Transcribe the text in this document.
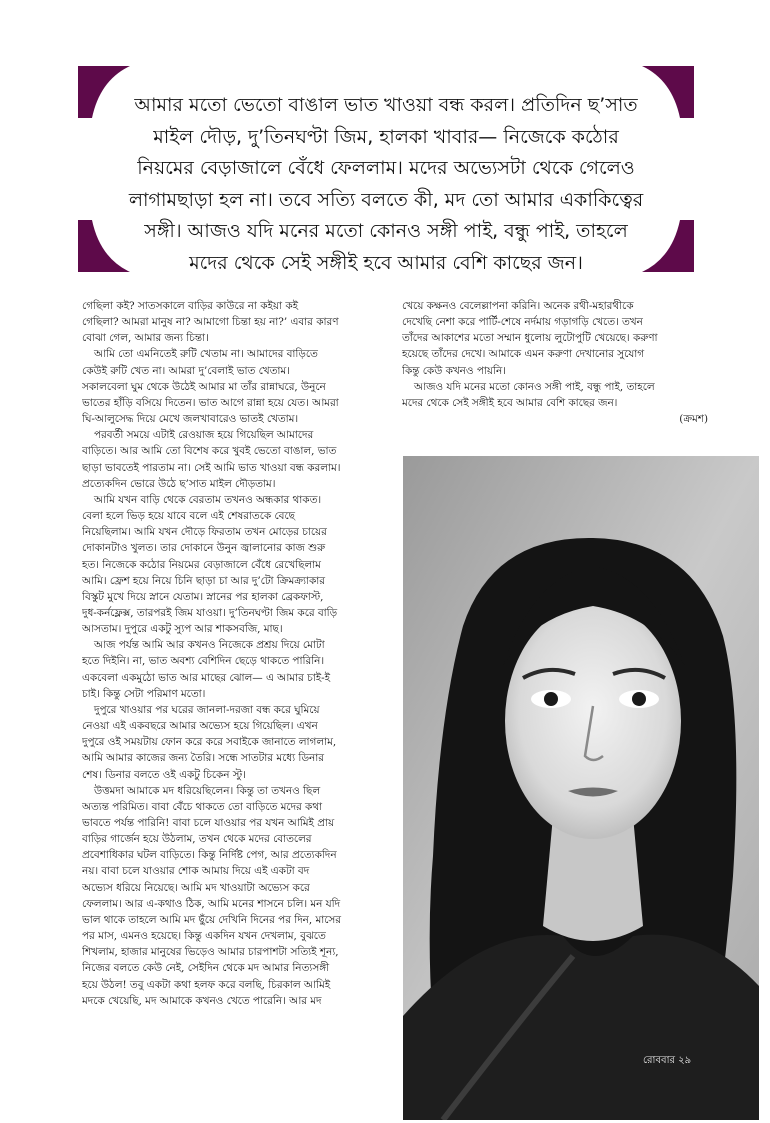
আমার মতো ভেতো বাঙাল ভাত খাওয়া বন্ধ করল। প্রতিদিন ছ’সাত
মাইল দৌড়, দু’তিনঘণ্টা জিম, হালকা খাবার— নিজেকে কঠোর
নিয়মের বেড়াজালে বেঁধে ফেললাম। মদের অভ্যেসটা থেকে গেলেও
লাগামছাড়া হল না। তবে সত্যি বলতে কী, মদ তো আমার একাকিত্বের
সঙ্গী। আজও যদি মনের মতো কোনও সঙ্গী পাই, বন্ধু পাই, তাহলে
মদের থেকে সেই সঙ্গীই হবে আমার বেশি কাছের জন।
গেছিলা কই? সাতসকালে বাড়ির কাউরে না কইয়া কই
গেছিলা? আমরা মানুষ না? আমাগো চিন্তা হয় না?’ এবার কারণ
বোঝা গেল, আমার জন্য চিন্তা।
আমি তো এমনিতেই রুটি খেতাম না। আমাদের বাড়িতে
কেউই রুটি খেত না। আমরা দু’বেলাই ভাত খেতাম।
সকালবেলা ঘুম থেকে উঠেই আমার মা তাঁর রান্নাঘরে, উনুনে
ভাতের হাঁড়ি বসিয়ে দিতেন। ভাত আগে রান্না হয়ে যেত। আমরা
ঘি-আলুসেদ্ধ দিয়ে মেখে জলখাবারেও ভাতই খেতাম।
পরবর্তী সময়ে এটাই রেওয়াজ হয়ে গিয়েছিল আমাদের
বাড়িতে। আর আমি তো বিশেষ করে খুবই ভেতো বাঙাল, ভাত
ছাড়া ভাবতেই পারতাম না। সেই আমি ভাত খাওয়া বন্ধ করলাম।
প্রত্যেকদিন ভোরে উঠে ছ’সাত মাইল দৌড়তাম।
আমি যখন বাড়ি থেকে বেরতাম তখনও অন্ধকার থাকত।
বেলা হলে ভিড় হয়ে যাবে বলে এই শেষরাতকে বেছে
নিয়েছিলাম। আমি যখন দৌড়ে ফিরতাম তখন মোড়ের চায়ের
দোকানটাও খুলত। তার দোকানে উনুন জ্বালানোর কাজ শুরু
হত। নিজেকে কঠোর নিয়মের বেড়াজালে বেঁধে রেখেছিলাম
আমি। ফ্রেশ হয়ে নিয়ে চিনি ছাড়া চা আর দু’টো ক্রিমক্র্যাকার
বিস্কুট মুখে দিয়ে স্নানে যেতাম। স্নানের পর হালকা ব্রেকফাস্ট,
দুধ-কর্নফ্লেক্স, তারপরই জিম যাওয়া। দু’তিনঘণ্টা জিম করে বাড়ি
আসতাম। দুপুরে একটু স্যুপ আর শাকসবজি, মাছ।
আজ পর্যন্ত আমি আর কখনও নিজেকে প্রশ্রয় দিয়ে মোটা
হতে দিইনি। না, ভাত অবশ্য বেশিদিন ছেড়ে থাকতে পারিনি।
একবেলা একমুঠো ভাত আর মাছের ঝোল— এ আমার চাই-ই
চাই। কিন্তু সেটা পরিমাণ মতো।
দুপুরে খাওয়ার পর ঘরের জানলা-দরজা বন্ধ করে ঘুমিয়ে
নেওয়া এই একবছরে আমার অভ্যেস হয়ে গিয়েছিল। এখন
দুপুরে ওই সময়টায় ফোন করে করে সবাইকে জানাতে লাগলাম,
আমি আমার কাজের জন্য তৈরি। সন্ধে সাতটার মধ্যে ডিনার
শেষ। ডিনার বলতে ওই একটু চিকেন স্টু।
উত্তমদা আমাকে মদ ধরিয়েছিলেন। কিন্তু তা তখনও ছিল
অত্যন্ত পরিমিত। বাবা বেঁচে থাকতে তো বাড়িতে মদের কথা
ভাবতে পর্যন্ত পারিনি! বাবা চলে যাওয়ার পর যখন আমিই প্রায়
বাড়ির গার্জেন হয়ে উঠলাম, তখন থেকে মদের বোতলের
প্রবেশাধিকার ঘটল বাড়িতে। কিন্তু নির্দিষ্ট পেগ, আর প্রত্যেকদিন
নয়। বাবা চলে যাওয়ার শোক আমায় দিয়ে এই একটা বদ
অভ্যেস ধরিয়ে নিয়েছে। আমি মদ খাওয়াটা অভ্যেস করে
ফেললাম। আর এ-কথাও ঠিক, আমি মনের শাসনে চলি। মন যদি
ভাল থাকে তাহলে আমি মদ ছুঁয়ে দেখিনি দিনের পর দিন, মাসের
পর মাস, এমনও হয়েছে। কিন্তু একদিন যখন দেখলাম, বুঝতে
শিখলাম, হাজার মানুষের ভিড়েও আমার চারপাশটা সত্যিই শূন্য,
নিজের বলতে কেউ নেই, সেইদিন থেকে মদ আমার নিত্যসঙ্গী
হয়ে উঠল! তবু একটা কথা হলফ করে বলছি, চিরকাল আমিই
মদকে খেয়েছি, মদ আমাকে কখনও খেতে পারেনি। আর মদ
খেয়ে কক্ষনও বেলেল্লাপনা করিনি। অনেক রথী-মহারথীকে
দেখেছি নেশা করে পার্টি-শেষে নর্দমায় গড়াগড়ি খেতে। তখন
তাঁদের আকাশের মতো সম্মান ধুলোয় লুটোপুটি খেয়েছে। করুণা
হয়েছে তাঁদের দেখে। আমাকে এমন করুণা দেখানোর সুযোগ
কিন্তু কেউ কখনও পায়নি।
আজও যদি মনের মতো কোনও সঙ্গী পাই, বন্ধু পাই, তাহলে
মদের থেকে সেই সঙ্গীই হবে আমার বেশি কাছের জন।
(ক্রমশ)
রোববার ২৯
